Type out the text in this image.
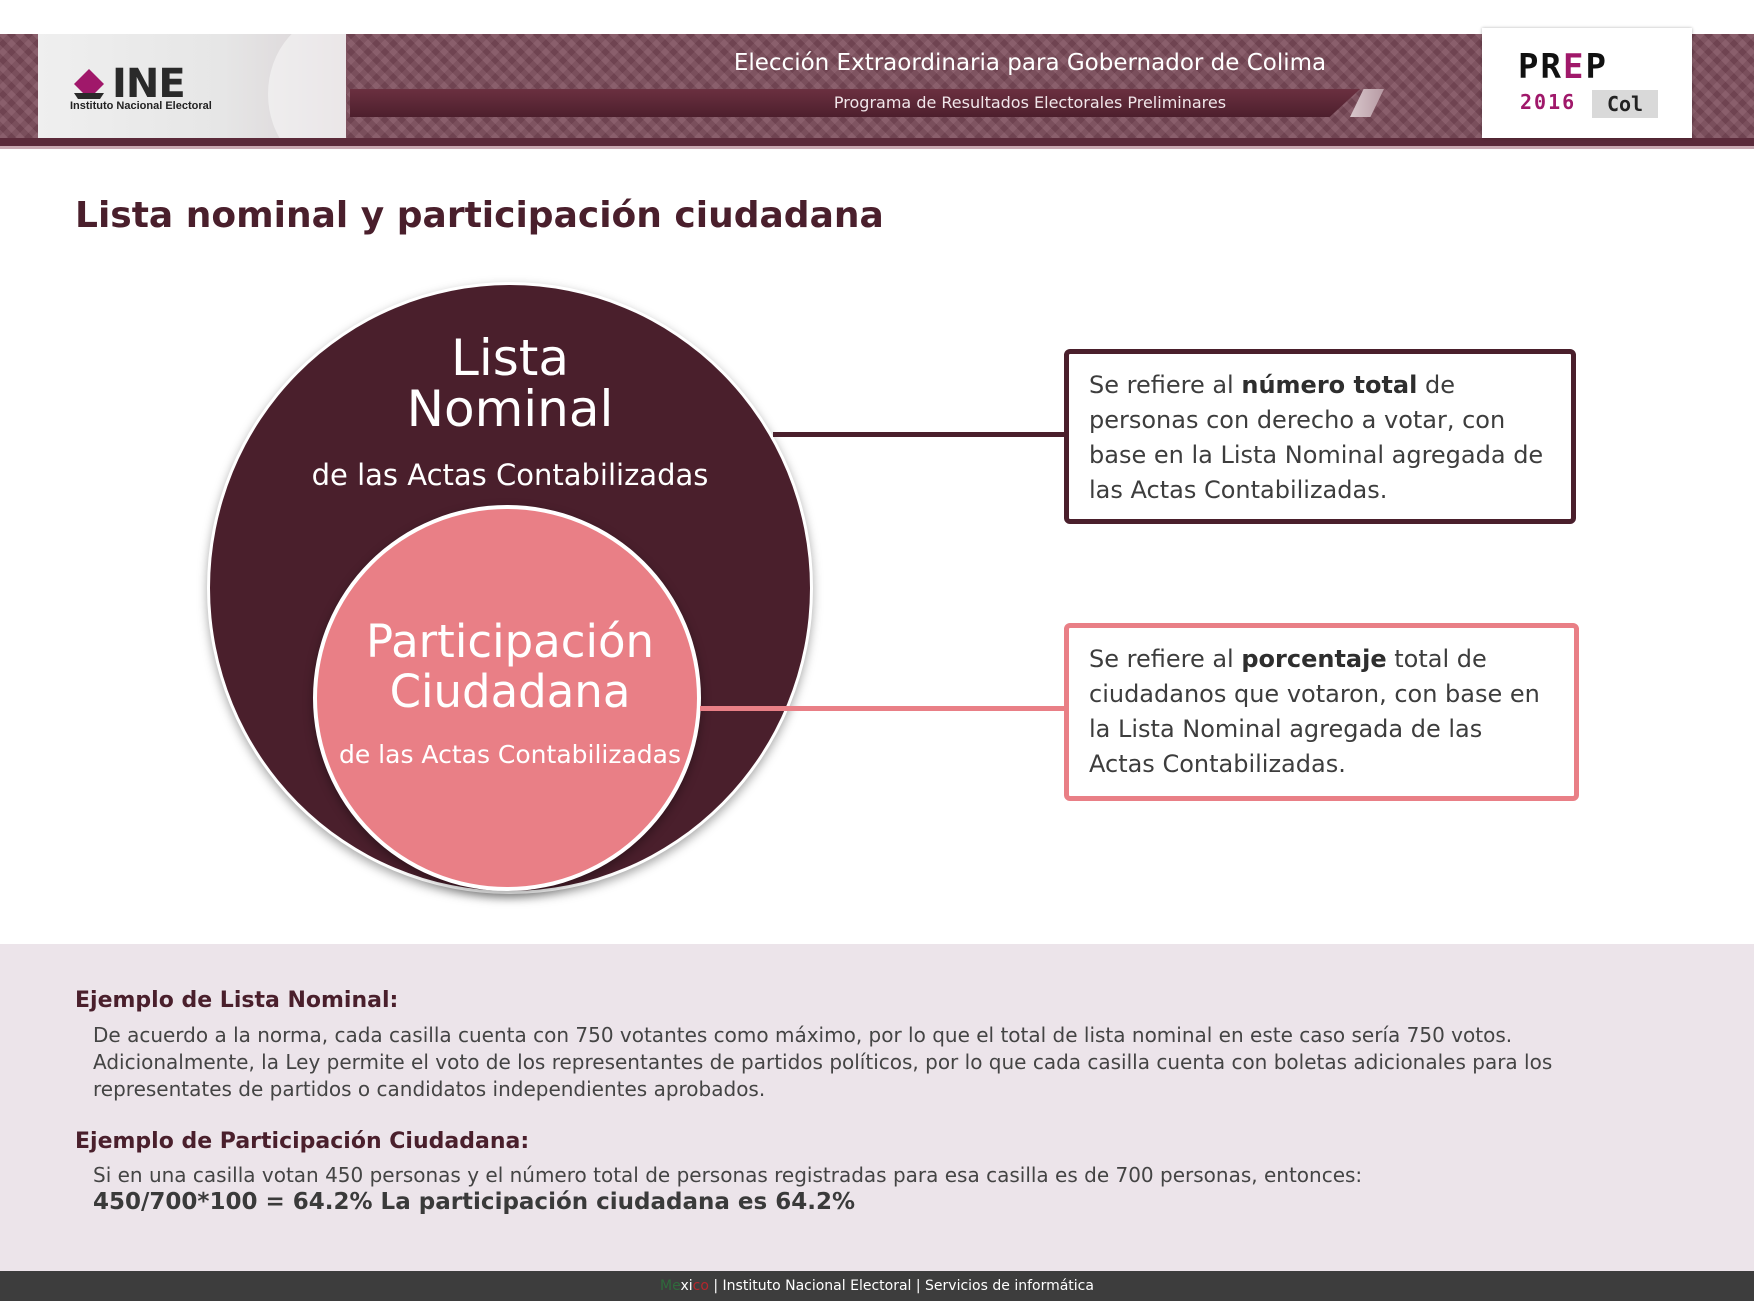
INE
Instituto Nacional Electoral
Elección Extraordinaria para Gobernador de Colima
Programa de Resultados Electorales Preliminares
PREP
2016	Col
Lista nominal y participación ciudadana
Lista
Nominal
de las Actas Contabilizadas
Participación
Ciudadana
de las Actas Contabilizadas
Se refiere al número total de personas con derecho a votar, con base en la Lista Nominal agregada de las Actas Contabilizadas.
Se refiere al porcentaje total de ciudadanos que votaron, con base en la Lista Nominal agregada de las Actas Contabilizadas.
Ejemplo de Lista Nominal:
De acuerdo a la norma, cada casilla cuenta con 750 votantes como máximo, por lo que el total de lista nominal en este caso sería 750 votos.
Adicionalmente, la Ley permite el voto de los representantes de partidos políticos, por lo que cada casilla cuenta con boletas adicionales para los representates de partidos o candidatos independientes aprobados.
Ejemplo de Participación Ciudadana:
Si en una casilla votan 450 personas y el número total de personas registradas para esa casilla es de 700 personas, entonces:
450/700*100 = 64.2% La participación ciudadana es 64.2%
Mexico | Instituto Nacional Electoral | Servicios de informática
